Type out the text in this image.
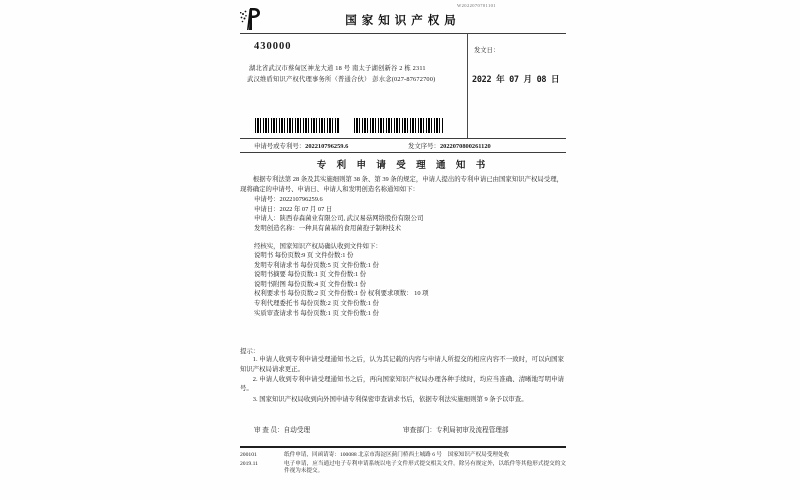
国家知识产权局
W2022070701101
430000
湖北省武汉市蔡甸区神龙大道 18 号 南太子湖创新谷 2 栋 2311
武汉维盾知识产权代理事务所（普通合伙） 彭水念(027-87672700)
发文日：
2022 年 07 月 08 日
申请号或专利号：202210796259.6	发文序号：2022070800261120
专 利 申 请 受 理 通 知 书
根据专利法第 28 条及其实施细则第 38 条、第 39 条的规定，申请人提出的专利申请已由国家知识产权局受理，现将确定的申请号、申请日、申请人和发明创造名称通知如下：
申请号：202210796259.6
申请日：2022 年 07 月 07 日
申请人：陕西春森菌业有限公司, 武汉易菇网络股份有限公司
发明创造名称：一种具有菌基的食用菌孢子制种技术
经核实，国家知识产权局确认收到文件如下：
说明书 每份页数:9 页 文件份数:1 份
发明专利请求书 每份页数:5 页 文件份数:1 份
说明书摘要 每份页数:1 页 文件份数:1 份
说明书附图 每份页数:4 页 文件份数:1 份
权利要求书 每份页数:2 页 文件份数:1 份 权利要求项数： 10 项
专利代理委托书 每份页数:2 页 文件份数:1 份
实质审查请求书 每份页数:1 页 文件份数:1 份
提示：

1. 申请人收到专利申请受理通知书之后，认为其记载的内容与申请人所提交的相应内容不一致时，可以向国家知识产权局请求更正。

2. 申请人收到专利申请受理通知书之后，再向国家知识产权局办理各种手续时，均应当准确、清晰地写明申请号。

3. 国家知识产权局收到向外国申请专利保密审查请求书后，依据专利法实施细则第 9 条予以审查。

审 查 员：自动受理	审查部门：专利局初审及流程管理部
200101	纸件申请，回函请寄：100088 北京市海淀区蓟门桥西土城路 6 号　国家知识产权局受理处收
2019.11	电子申请，应当通过电子专利申请系统以电子文件形式提交相关文件。除另有规定外，以纸件等其他形式提交的文件视为未提交。
